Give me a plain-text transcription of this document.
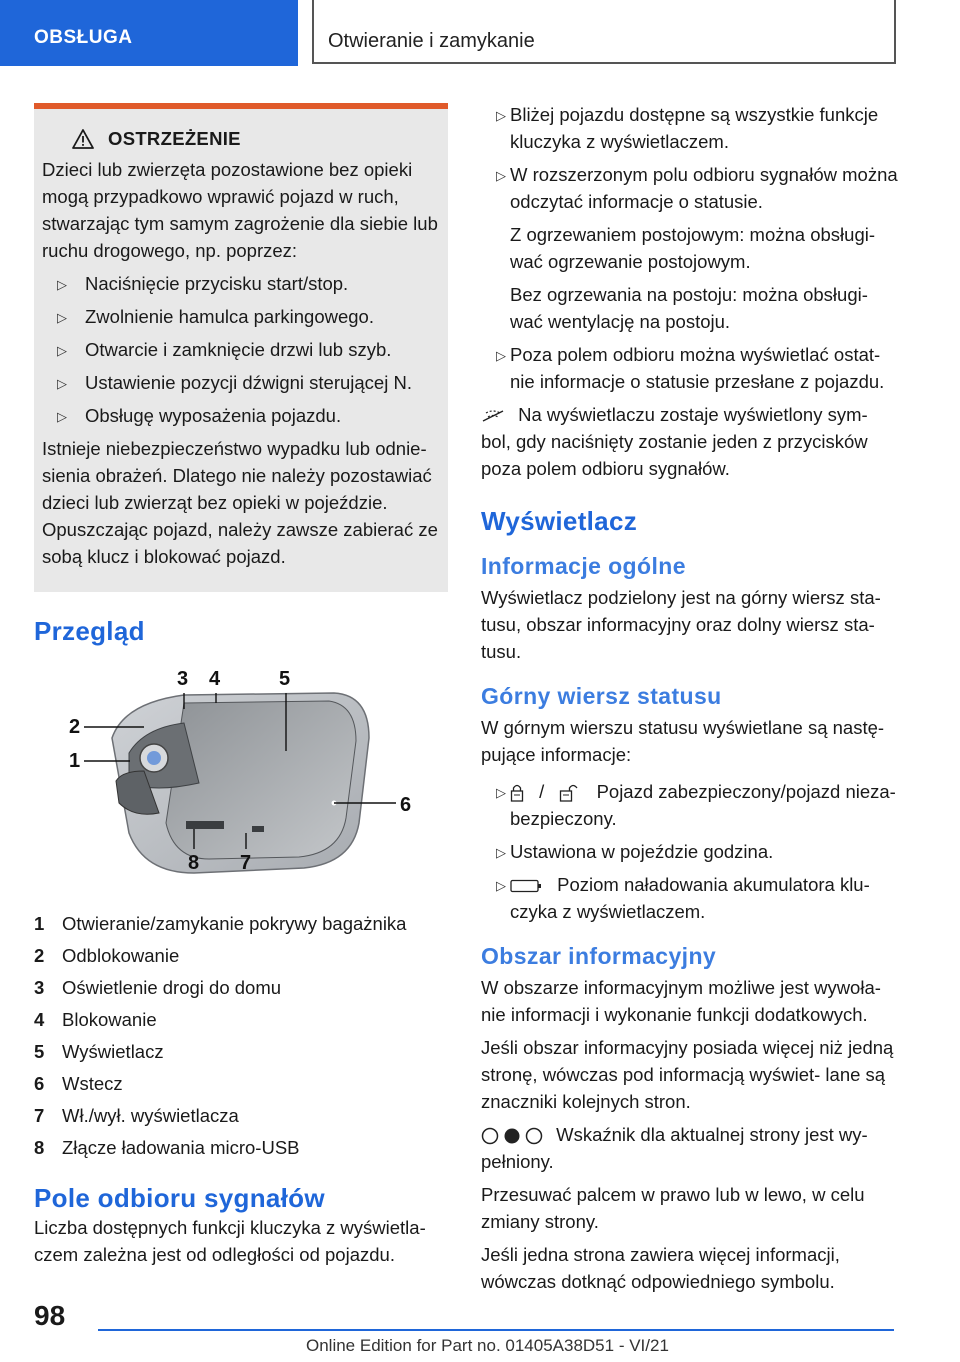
OBSŁUGA	Otwieranie i zamykanie
OSTRZEŻENIE

Dzieci lub zwierzęta pozostawione bez opieki mogą przypadkowo wprawić pojazd w ruch, stwarzając tym samym zagrożenie dla siebie lub ruchu drogowego, np. poprzez:

▷ Naciśnięcie przycisku start/stop.
▷ Zwolnienie hamulca parkingowego.
▷ Otwarcie i zamknięcie drzwi lub szyb.
▷ Ustawienie pozycji dźwigni sterującej N.
▷ Obsługę wyposażenia pojazdu.

Istnieje niebezpieczeństwo wypadku lub odnie- sienia obrażeń. Dlatego nie należy pozostawiać dzieci lub zwierząt bez opieki w pojeździe. Opuszczając pojazd, należy zawsze zabierać ze sobą klucz i blokować pojazd.

Przegląd
2
1
3 4	5
6
7
8
1 Otwieranie/zamykanie pokrywy bagażnika
2 Odblokowanie
3 Oświetlenie drogi do domu
4 Blokowanie
5 Wyświetlacz
6 Wstecz
7 Wł./wył. wyświetlacza
8 Złącze ładowania micro-USB
Pole odbioru sygnałów

Liczba dostępnych funkcji kluczyka z wyświetla- czem zależna jest od odległości od pojazdu.

▷ Bliżej pojazdu dostępne są wszystkie funkcje kluczyka z wyświetlaczem.
▷ W rozszerzonym polu odbioru sygnałów można odczytać informacje o statusie.
Z ogrzewaniem postojowym: można obsługi- wać ogrzewanie postojowym.
Bez ogrzewania na postoju: można obsługi- wać wentylację na postoju.
▷ Poza polem odbioru można wyświetlać ostat- nie informacje o statusie przesłane z pojazdu.

Na wyświetlaczu zostaje wyświetlony sym- bol, gdy naciśnięty zostanie jeden z przycisków poza polem odbioru sygnałów.

Wyświetlacz
Informacje ogólne

Wyświetlacz podzielony jest na górny wiersz sta- tusu, obszar informacyjny oraz dolny wiersz sta- tusu.

Górny wiersz statusu

W górnym wierszu statusu wyświetlane są nastę- pujące informacje:

▷ /	Pojazd zabezpieczony/pojazd nieza- bezpieczony.
▷ Ustawiona w pojeździe godzina.
▷ Poziom naładowania akumulatora klu- czyka z wyświetlaczem.
Obszar informacyjny

W obszarze informacyjnym możliwe jest wywoła- nie informacji i wykonanie funkcji dodatkowych.

Jeśli obszar informacyjny posiada więcej niż jedną stronę, wówczas pod informacją wyświet- lane są znaczniki kolejnych stron.

Wskaźnik dla aktualnej strony jest wy- pełniony.

Przesuwać palcem w prawo lub w lewo, w celu zmiany strony.

Jeśli jedna strona zawiera więcej informacji, wówczas dotknąć odpowiedniego symbolu.

98
Online Edition for Part no. 01405A38D51 - VI/21
